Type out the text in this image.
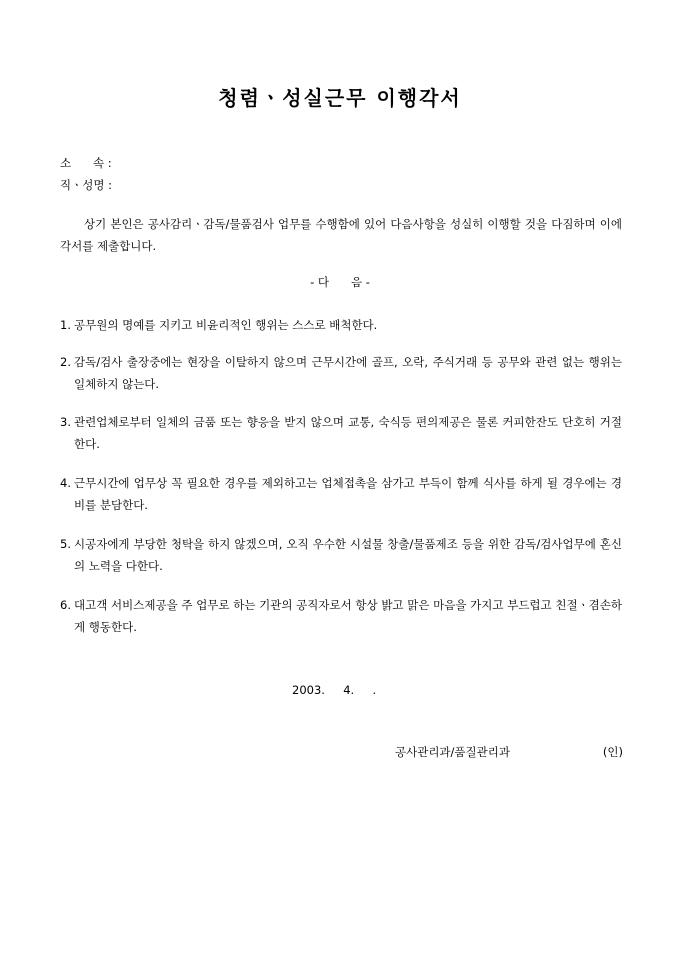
청렴ㆍ성실근무 이행각서
소      속 :
직ㆍ성명 :
상기 본인은 공사감리ㆍ감독/물품검사 업무를 수행함에 있어 다음사항을 성실히 이행할 것을 다짐하며 이에 각서를 제출합니다.
- 다      음 -
1. 공무원의 명예를 지키고 비윤리적인 행위는 스스로 배척한다.
2. 감독/검사 출장중에는 현장을 이탈하지 않으며 근무시간에 골프, 오락, 주식거래 등 공무와 관련 없는 행위는 일체하지 않는다.
3. 관련업체로부터 일체의 금품 또는 향응을 받지 않으며 교통, 숙식등 편의제공은 물론 커피한잔도 단호히 거절한다.
4. 근무시간에 업무상 꼭 필요한 경우를 제외하고는 업체접촉을 삼가고 부득이 함께 식사를 하게 될 경우에는 경비를 분담한다.
5. 시공자에게 부당한 청탁을 하지 않겠으며, 오직 우수한 시설물 창출/물품제조 등을 위한 감독/검사업무에 혼신의 노력을 다한다.
6. 대고객 서비스제공을 주 업무로 하는 기관의 공직자로서 항상 밝고 맑은 마음을 가지고 부드럽고 친절ㆍ겸손하게 행동한다.
2003.     4.     .
공사관리과/품질관리과	(인)
